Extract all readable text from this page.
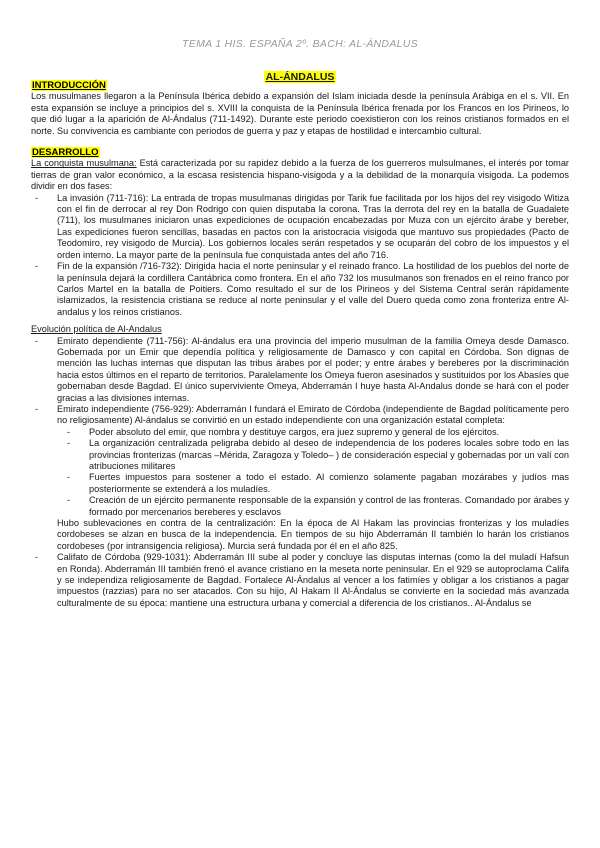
TEMA 1 HIS. ESPAÑA 2º. BACH: AL-ÁNDALUS
AL-ÁNDALUS
INTRODUCCIÓN

Los musulmanes llegaron a la Península Ibérica debido a expansión del Islam iniciada desde la península Arábiga en el s. VII. En esta expansión se incluye a principios del s. XVIII la conquista de la Península Ibérica frenada por los Francos en los Pirineos, lo que dió lugar a la aparición de Al-Ándalus (711-1492). Durante este periodo coexistieron con los reinos cristianos formados en el norte. Su convivencia es cambiante con periodos de guerra y paz y etapas de hostilidad e intercambio cultural.

DESARROLLO

La conquista musulmana: Está caracterizada por su rapidez debido a la fuerza de los guerreros mulsulmanes, el interés por tomar tierras de gran valor económico, a la escasa resistencia hispano-visigoda y a la debilidad de la monarquía visigoda. La podemos dividir en dos fases:

- La invasión (711-716): La entrada de tropas musulmanas dirigidas por Tarik fue facilitada por los hijos del rey visigodo Witiza con el fin de derrocar al rey Don Rodrigo con quien disputaba la corona. Tras la derrota del rey en la batalla de Guadalete (711), los musulmanes iniciaron unas expediciones de ocupación encabezadas por Muza con un ejército árabe y bereber, Las expediciones fueron sencillas, basadas en pactos con la aristocracia visigoda que mantuvo sus propiedades (Pacto de Teodomiro, rey visigodo de Murcia). Los gobiernos locales serán respetados y se ocuparán del cobro de los impuestos y el orden interno. La mayor parte de la península fue conquistada antes del año 716.
- Fin de la expansión /716-732): Dirigida hacia el norte peninsular y el reinado franco. La hostilidad de los pueblos del norte de la península dejará la cordillera Cantábrica como frontera. En el año 732 los musulmanos son frenados en el reino franco por Carlos Martel en la batalla de Poitiers. Como resultado el sur de los Pirineos y del Sistema Central serán rápidamente islamizados, la resistencia cristiana se reduce al norte peninsular y el valle del Duero queda como zona fronteriza entre Al-andalus y los reinos cristianos.

Evolución política de Al-Andalus

- Emirato dependiente (711-756): Al-ándalus era una provincia del imperio musulman de la familia Omeya desde Damasco. Gobernada por un Emir que dependía política y religiosamente de Damasco y con capital en Córdoba. Son dignas de mención las luchas internas que disputan las tribus árabes por el poder; y entre árabes y bereberes por la discriminación hacia estos últimos en el reparto de territorios. Paralelamente los Omeya fueron asesinados y sustituidos por los Abasíes que gobernaban desde Bagdad. El único superviviente Omeya, Abderramán I huye hasta Al-Andalus donde se hará con el poder gracias a las divisiones internas.
- Emirato independiente (756-929): Abderramán I fundará el Emirato de Córdoba (independiente de Bagdad políticamente pero no religiosamente) Al-ándalus se convirtió en un estado independiente con una organización estatal completa:
- Poder absoluto del emir, que nombra y destituye cargos, era juez supremo y general de los ejércitos.
- La organización centralizada peligraba debido al deseo de independencia de los poderes locales sobre todo en las provincias fronterizas (marcas –Mérida, Zaragoza y Toledo– ) de consideración especial y gobernadas por un valí con atribuciones militares
- Fuertes impuestos para sostener a todo el estado. Al comienzo solamente pagaban mozárabes y judíos mas posteriormente se extenderá a los muladíes.
- Creación de un ejército permanente responsable de la expansión y control de las fronteras. Comandado por árabes y formado por mercenarios bereberes y esclavos

Hubo sublevaciones en contra de la centralización: En la época de Al Hakam las provincias fronterizas y los muladíes cordobeses se alzan en busca de la independencia. En tiempos de su hijo Abderramán II también lo harán los cristianos cordobeses (por intransigencia religiosa). Murcia será fundada por él en el año 825.

- Califato de Córdoba (929-1031): Abderramán III sube al poder y concluye las disputas internas (como la del muladí Hafsun en Ronda). Abderramán III también frenó el avance cristiano en la meseta norte peninsular. En el 929 se autoproclama Califa y se independiza religiosamente de Bagdad. Fortalece Al-Ándalus al vencer a los fatimíes y obligar a los cristianos a pagar impuestos (razzias) para no ser atacados. Con su hijo, Al Hakam II Al-Ándalus se convierte en la sociedad más avanzada culturalmente de su época: mantiene una estructura urbana y comercial a diferencia de los cristianos.. Al-Ándalus se
